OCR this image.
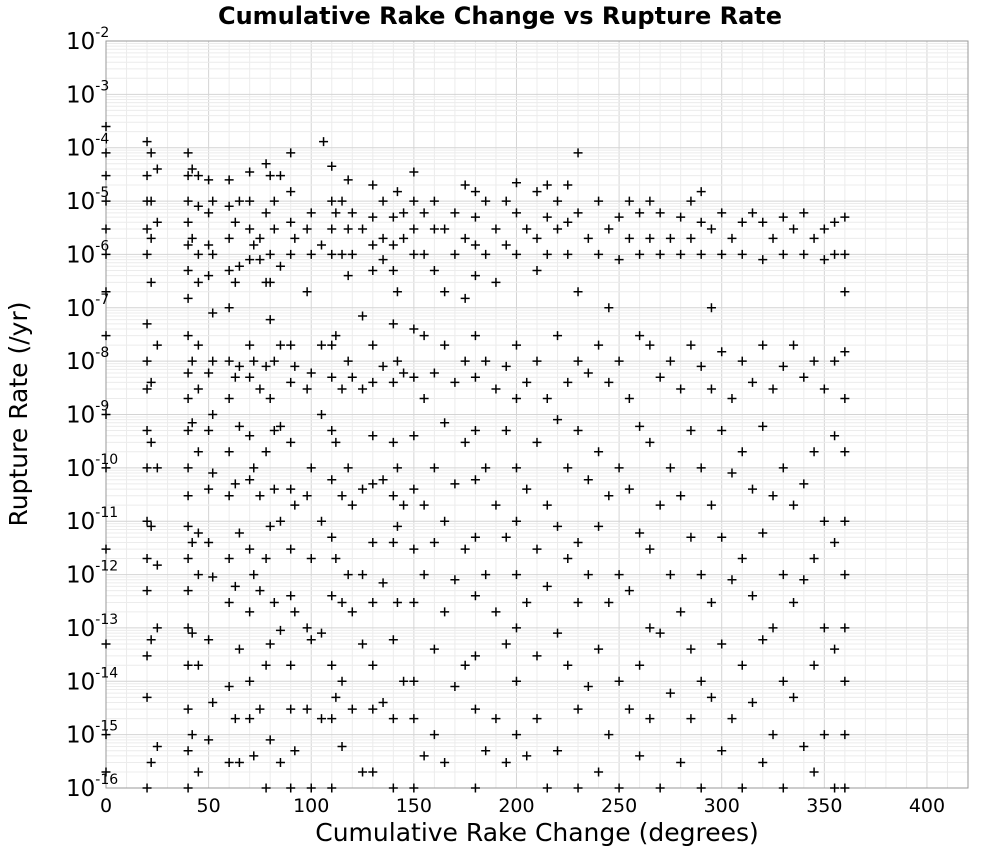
Cumulative Rake Change vs Rupture Rate
0	50	100	150	200	250	300	350	400
$10^{-16}$
$10^{-15}$
$10^{-14}$
$10^{-13}$
$10^{-12}$
$10^{-11}$
$10^{-10}$
$10^{-9}$
$10^{-8}$
$10^{-7}$
$10^{-6}$
$10^{-5}$
$10^{-4}$
$10^{-3}$
$10^{-2}$
Cumulative Rake Change (degrees)
Rupture Rate (/yr)
